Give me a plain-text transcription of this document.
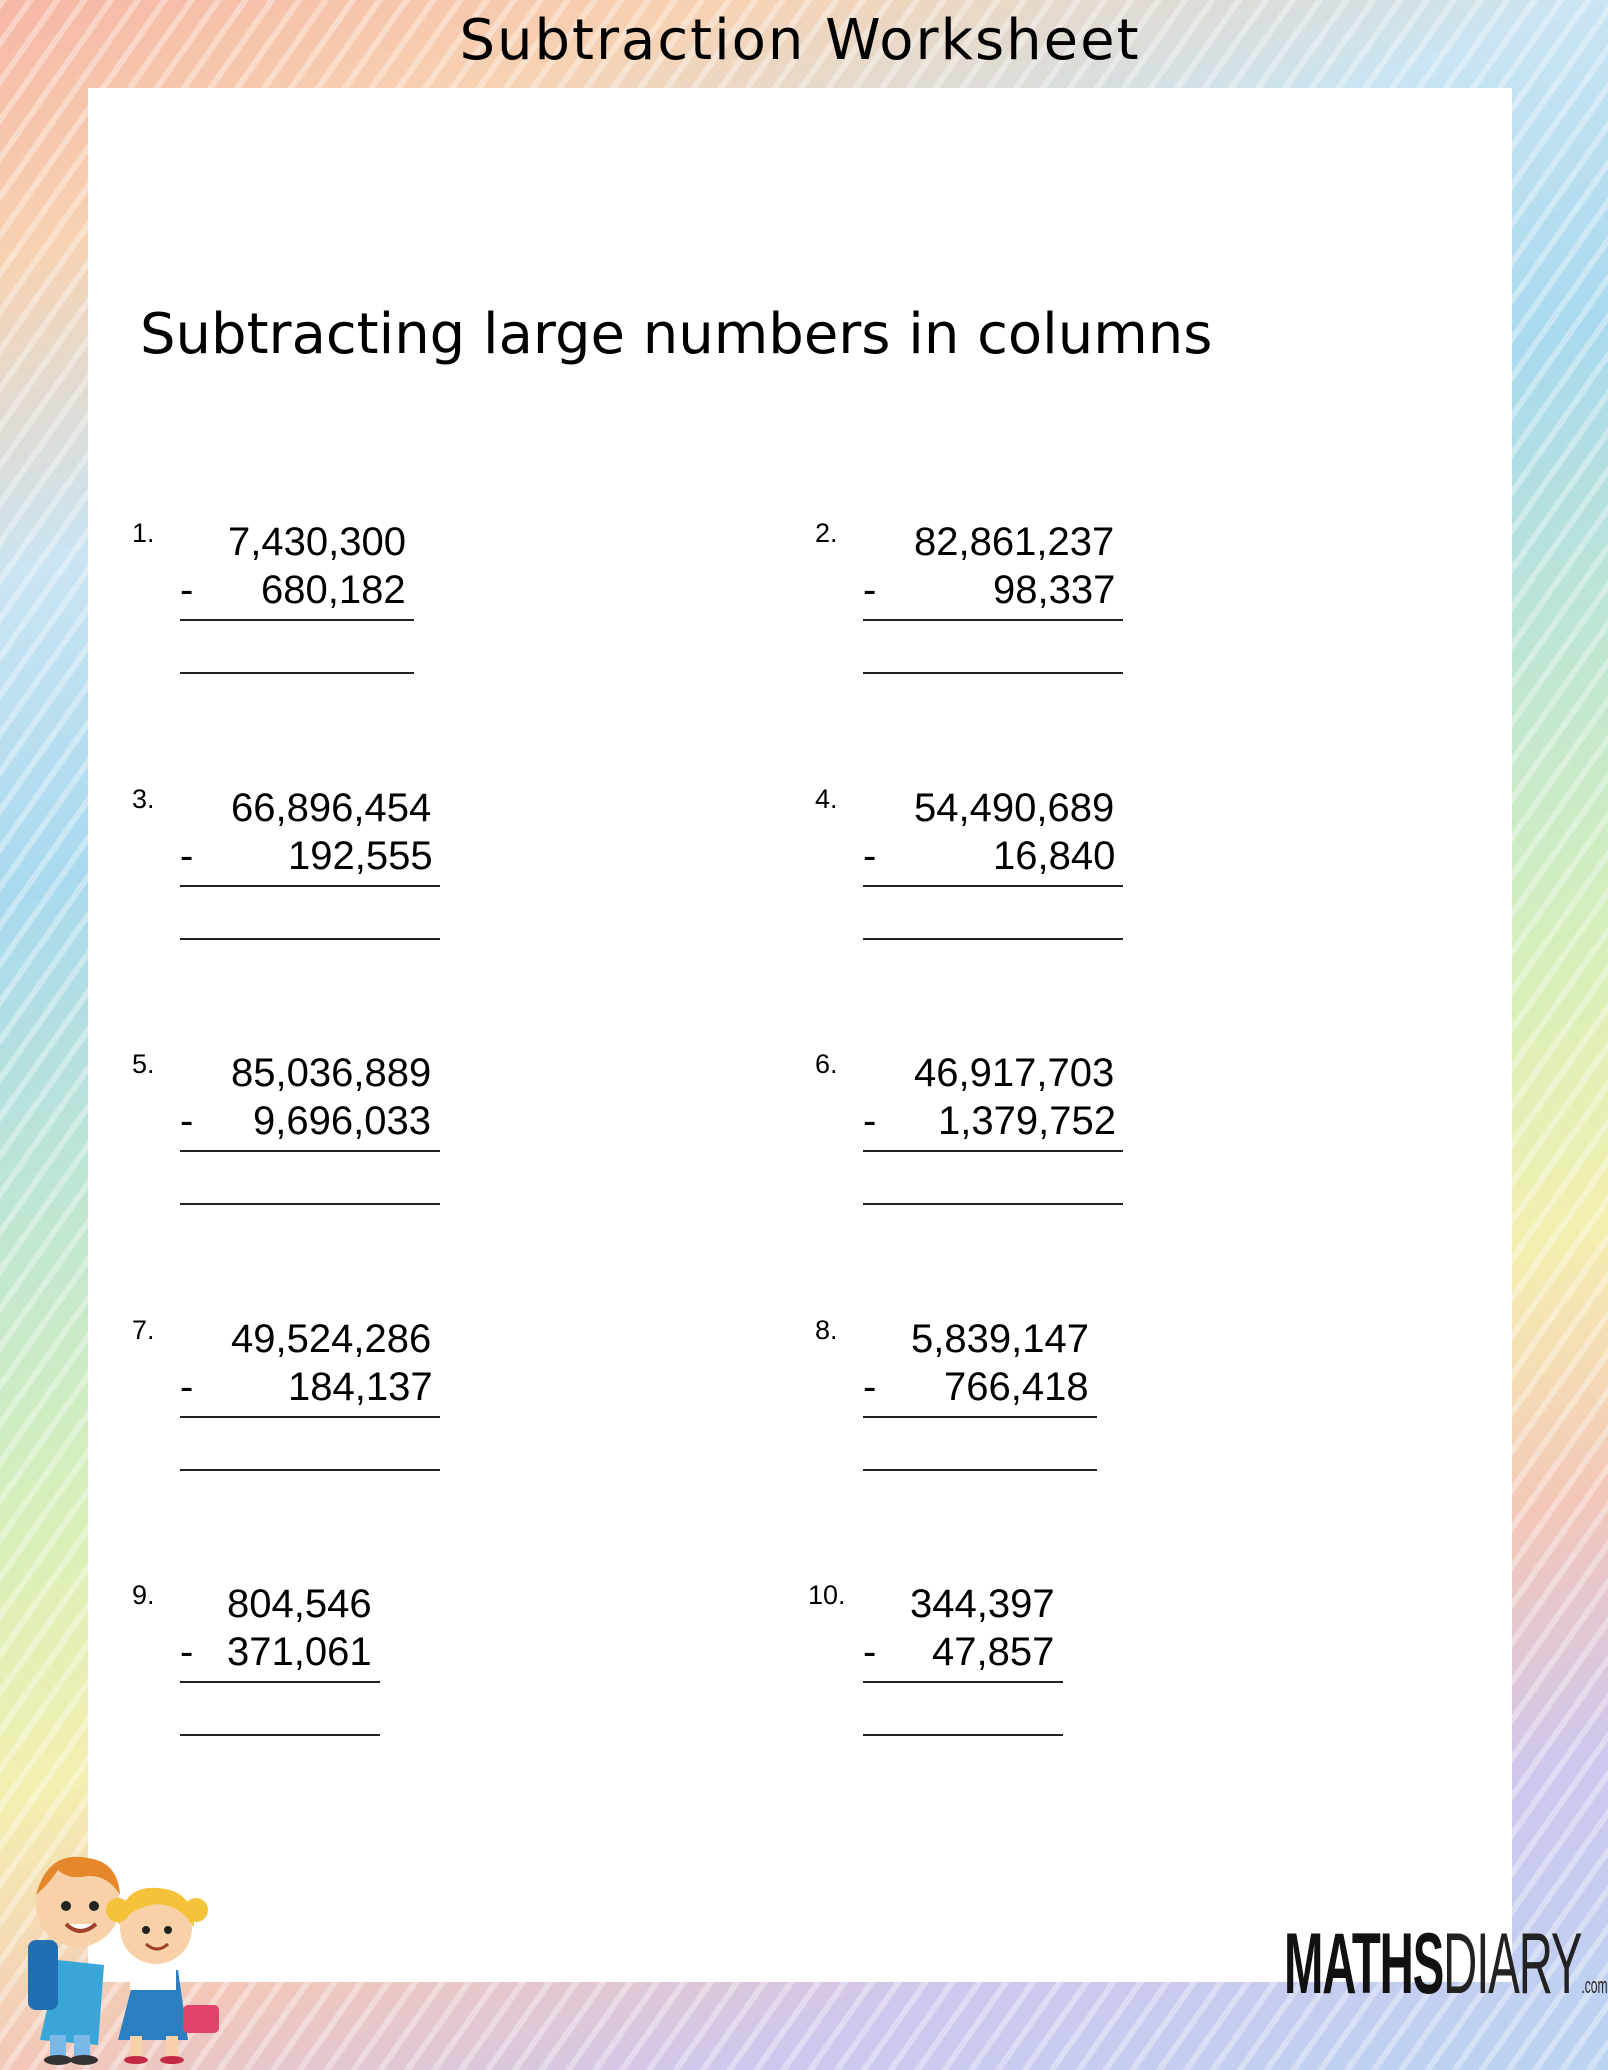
Subtraction Worksheet
Subtracting large numbers in columns
1. 7,430,300
- 680,182
2. 82,861,237
-	98,337
3. 66,896,454
- 192,555
4. 54,490,689
-	16,840
5. 85,036,889
- 9,696,033
6. 46,917,703
- 1,379,752
7. 49,524,286
- 184,137
8. 5,839,147
- 766,418
9. 804,546
- 371,061
10. 344,397
- 47,857
MATHSDIARY.com
